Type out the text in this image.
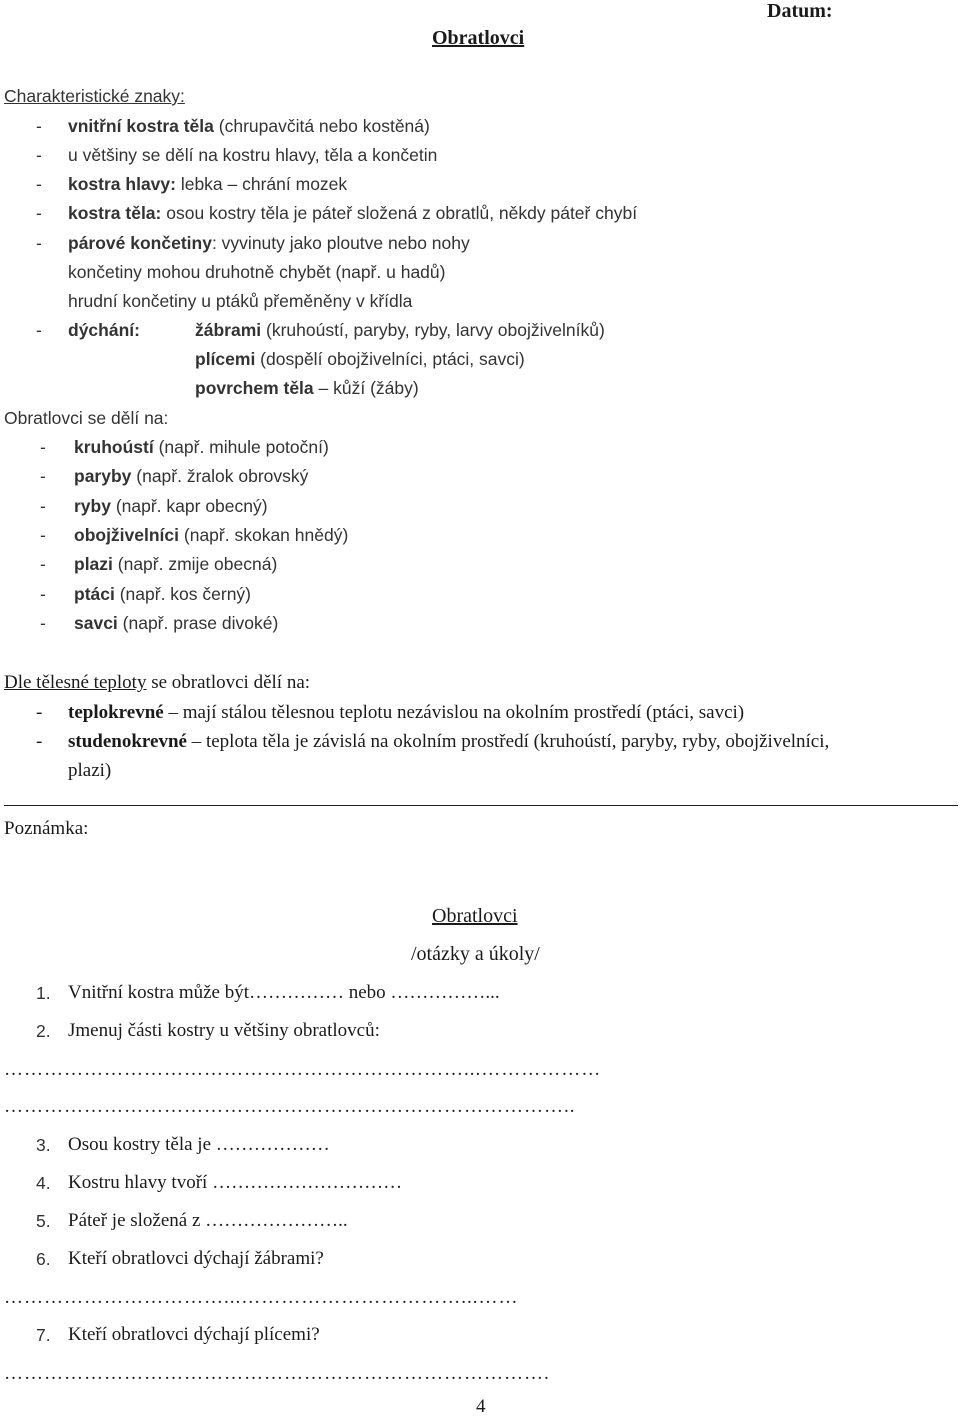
Datum:
Obratlovci
Charakteristické znaky:
- vnitřní kostra těla (chrupavčitá nebo kostěná)
- u většiny se dělí na kostru hlavy, těla a končetin
- kostra hlavy: lebka – chrání mozek
- kostra těla: osou kostry těla je páteř složená z obratlů, někdy páteř chybí
- párové končetiny: vyvinuty jako ploutve nebo nohy
končetiny mohou druhotně chybět (např. u hadů)
hrudní končetiny u ptáků přeměněny v křídla
- dýchání:	žábrami (kruhoústí, paryby, ryby, larvy obojživelníků)
plícemi (dospělí obojživelníci, ptáci, savci)
povrchem těla – kůží (žáby)
Obratlovci se dělí na:
- kruhoústí (např. mihule potoční)
- paryby (např. žralok obrovský
- ryby (např. kapr obecný)
- obojživelníci (např. skokan hnědý)
- plazi (např. zmije obecná)
- ptáci (např. kos černý)
- savci (např. prase divoké)
Dle tělesné teploty se obratlovci dělí na:
- teplokrevné – mají stálou tělesnou teplotu nezávislou na okolním prostředí (ptáci, savci)
- studenokrevné – teplota těla je závislá na okolním prostředí (kruhoústí, paryby, ryby, obojživelníci,
plazi)
Poznámka:
Obratlovci
/otázky a úkoly/
1. Vnitřní kostra může být…………… nebo ……………...
2. Jmenuj části kostry u většiny obratlovců:
……………………………………………………………...………………
…………………………………………………………………………..
3. Osou kostry těla je ………………
4. Kostru hlavy tvoří …………………………
5. Páteř je složená z …………………..
6. Kteří obratlovci dýchají žábrami?
……………………………...……………………………...……
7. Kteří obratlovci dýchají plícemi?
……………………………………………………………………….
4
